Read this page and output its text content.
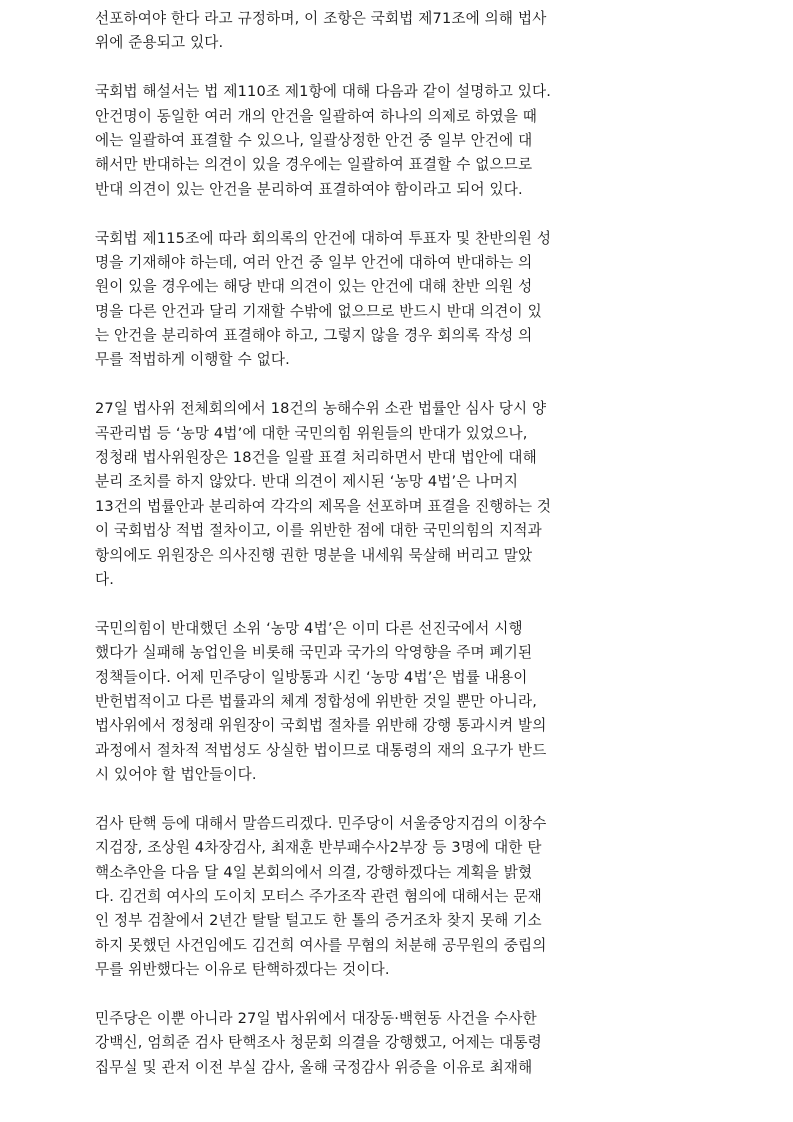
선포하여야 한다 라고 규정하며, 이 조항은 국회법 제71조에 의해 법사
위에 준용되고 있다.
국회법 해설서는 법 제110조 제1항에 대해 다음과 같이 설명하고 있다.
안건명이 동일한 여러 개의 안건을 일괄하여 하나의 의제로 하였을 때
에는 일괄하여 표결할 수 있으나, 일괄상정한 안건 중 일부 안건에 대
해서만 반대하는 의견이 있을 경우에는 일괄하여 표결할 수 없으므로
반대 의견이 있는 안건을 분리하여 표결하여야 함이라고 되어 있다.
국회법 제115조에 따라 회의록의 안건에 대하여 투표자 및 찬반의원 성
명을 기재해야 하는데, 여러 안건 중 일부 안건에 대하여 반대하는 의
원이 있을 경우에는 해당 반대 의견이 있는 안건에 대해 찬반 의원 성
명을 다른 안건과 달리 기재할 수밖에 없으므로 반드시 반대 의견이 있
는 안건을 분리하여 표결해야 하고, 그렇지 않을 경우 회의록 작성 의
무를 적법하게 이행할 수 없다.
27일 법사위 전체회의에서 18건의 농해수위 소관 법률안 심사 당시 양
곡관리법 등 ‘농망 4법’에 대한 국민의힘 위원들의 반대가 있었으나,
정청래 법사위원장은 18건을 일괄 표결 처리하면서 반대 법안에 대해
분리 조치를 하지 않았다. 반대 의견이 제시된 ‘농망 4법’은 나머지
13건의 법률안과 분리하여 각각의 제목을 선포하며 표결을 진행하는 것
이 국회법상 적법 절차이고, 이를 위반한 점에 대한 국민의힘의 지적과
항의에도 위원장은 의사진행 권한 명분을 내세워 묵살해 버리고 말았
다.
국민의힘이 반대했던 소위 ‘농망 4법’은 이미 다른 선진국에서 시행
했다가 실패해 농업인을 비롯해 국민과 국가의 악영향을 주며 폐기된
정책들이다. 어제 민주당이 일방통과 시킨 ‘농망 4법’은 법률 내용이
반헌법적이고 다른 법률과의 체계 정합성에 위반한 것일 뿐만 아니라,
법사위에서 정청래 위원장이 국회법 절차를 위반해 강행 통과시켜 발의
과정에서 절차적 적법성도 상실한 법이므로 대통령의 재의 요구가 반드
시 있어야 할 법안들이다.
검사 탄핵 등에 대해서 말씀드리겠다. 민주당이 서울중앙지검의 이창수
지검장, 조상원 4차장검사, 최재훈 반부패수사2부장 등 3명에 대한 탄
핵소추안을 다음 달 4일 본회의에서 의결, 강행하겠다는 계획을 밝혔
다. 김건희 여사의 도이치 모터스 주가조작 관련 혐의에 대해서는 문재
인 정부 검찰에서 2년간 탈탈 털고도 한 톨의 증거조차 찾지 못해 기소
하지 못했던 사건임에도 김건희 여사를 무혐의 처분해 공무원의 중립의
무를 위반했다는 이유로 탄핵하겠다는 것이다.
민주당은 이뿐 아니라 27일 법사위에서 대장동·백현동 사건을 수사한
강백신, 엄희준 검사 탄핵조사 청문회 의결을 강행했고, 어제는 대통령
집무실 및 관저 이전 부실 감사, 올해 국정감사 위증을 이유로 최재해
